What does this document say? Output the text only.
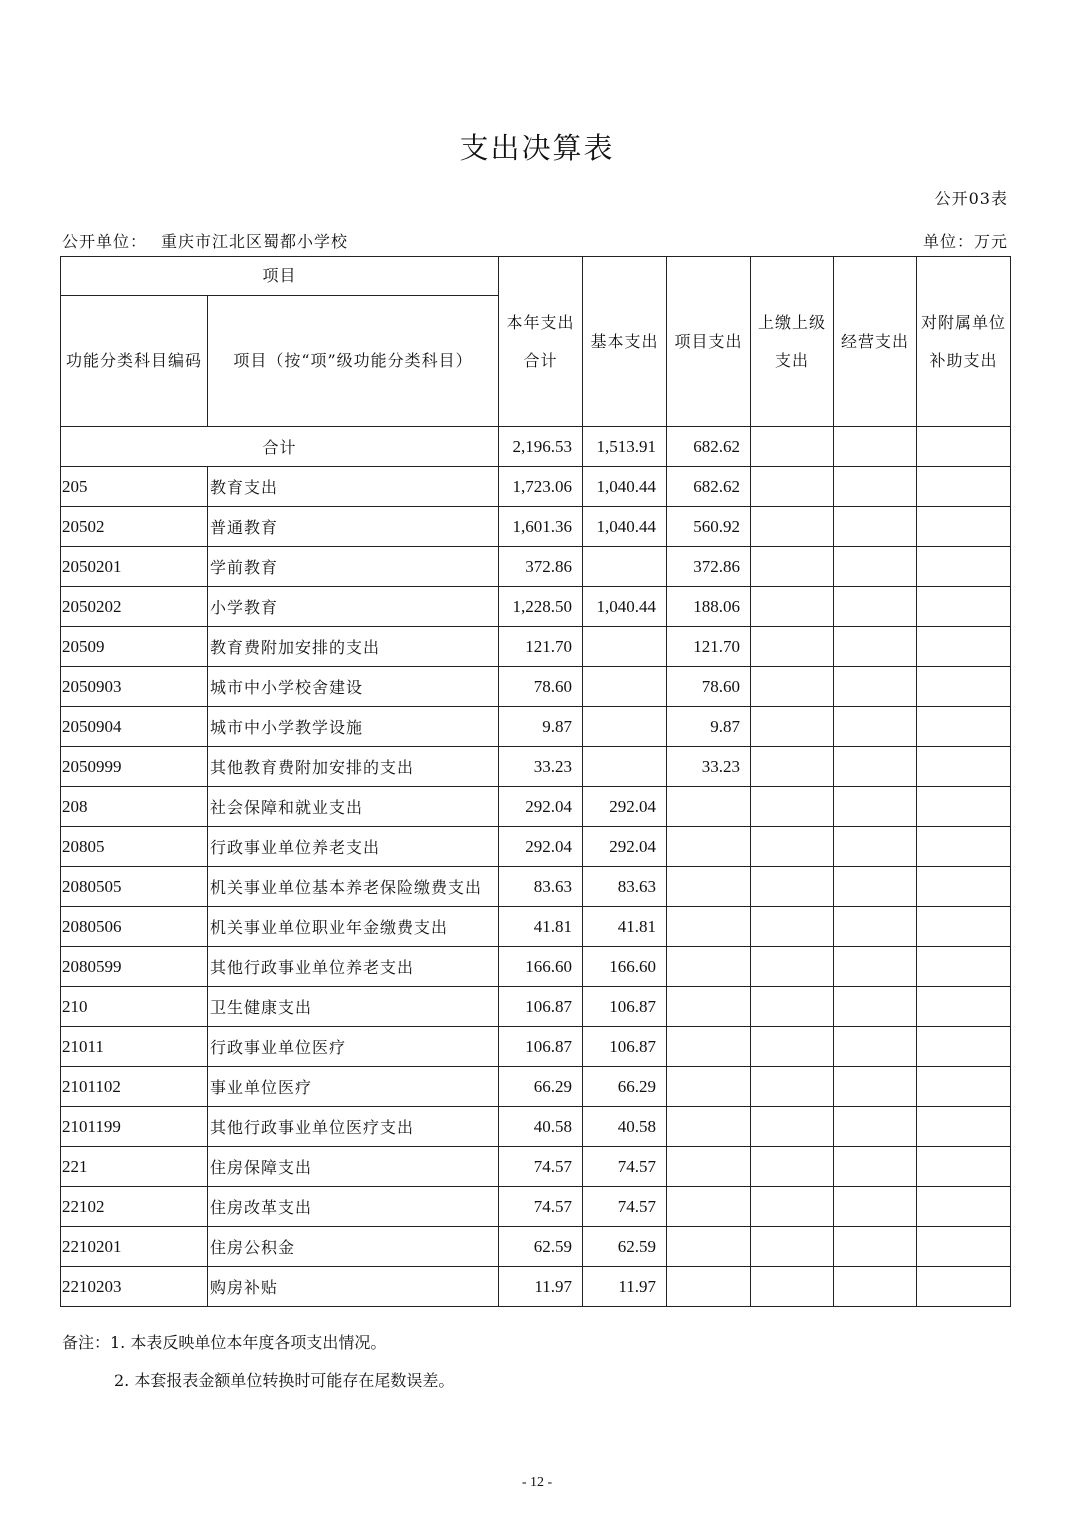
支出决算表
公开03表
公开单位： 重庆市江北区蜀都小学校	单位：万元
项目		本年支出合计	基本支出	项目支出	上缴上级支出	经营支出	对附属单位补助支出
功能分类科目编码	项目（按“项”级功能分类科目）						
合计		2,196.53	1,513.91	682.62			
205	教育支出	1,723.06	1,040.44	682.62			
20502	普通教育	1,601.36	1,040.44	560.92			
2050201	学前教育	372.86		372.86			
2050202	小学教育	1,228.50	1,040.44	188.06			
20509	教育费附加安排的支出	121.70		121.70			
2050903	城市中小学校舍建设	78.60		78.60			
2050904	城市中小学教学设施	9.87		9.87			
2050999	其他教育费附加安排的支出	33.23		33.23			
208	社会保障和就业支出	292.04	292.04				
20805	行政事业单位养老支出	292.04	292.04				
2080505	机关事业单位基本养老保险缴费支出	83.63	83.63				
2080506	机关事业单位职业年金缴费支出	41.81	41.81				
2080599	其他行政事业单位养老支出	166.60	166.60				
210	卫生健康支出	106.87	106.87				
21011	行政事业单位医疗	106.87	106.87				
2101102	事业单位医疗	66.29	66.29				
2101199	其他行政事业单位医疗支出	40.58	40.58				
221	住房保障支出	74.57	74.57				
22102	住房改革支出	74.57	74.57				
2210201	住房公积金	62.59	62.59				
2210203	购房补贴	11.97	11.97				
备注：1. 本表反映单位本年度各项支出情况。
2. 本套报表金额单位转换时可能存在尾数误差。
- 12 -
